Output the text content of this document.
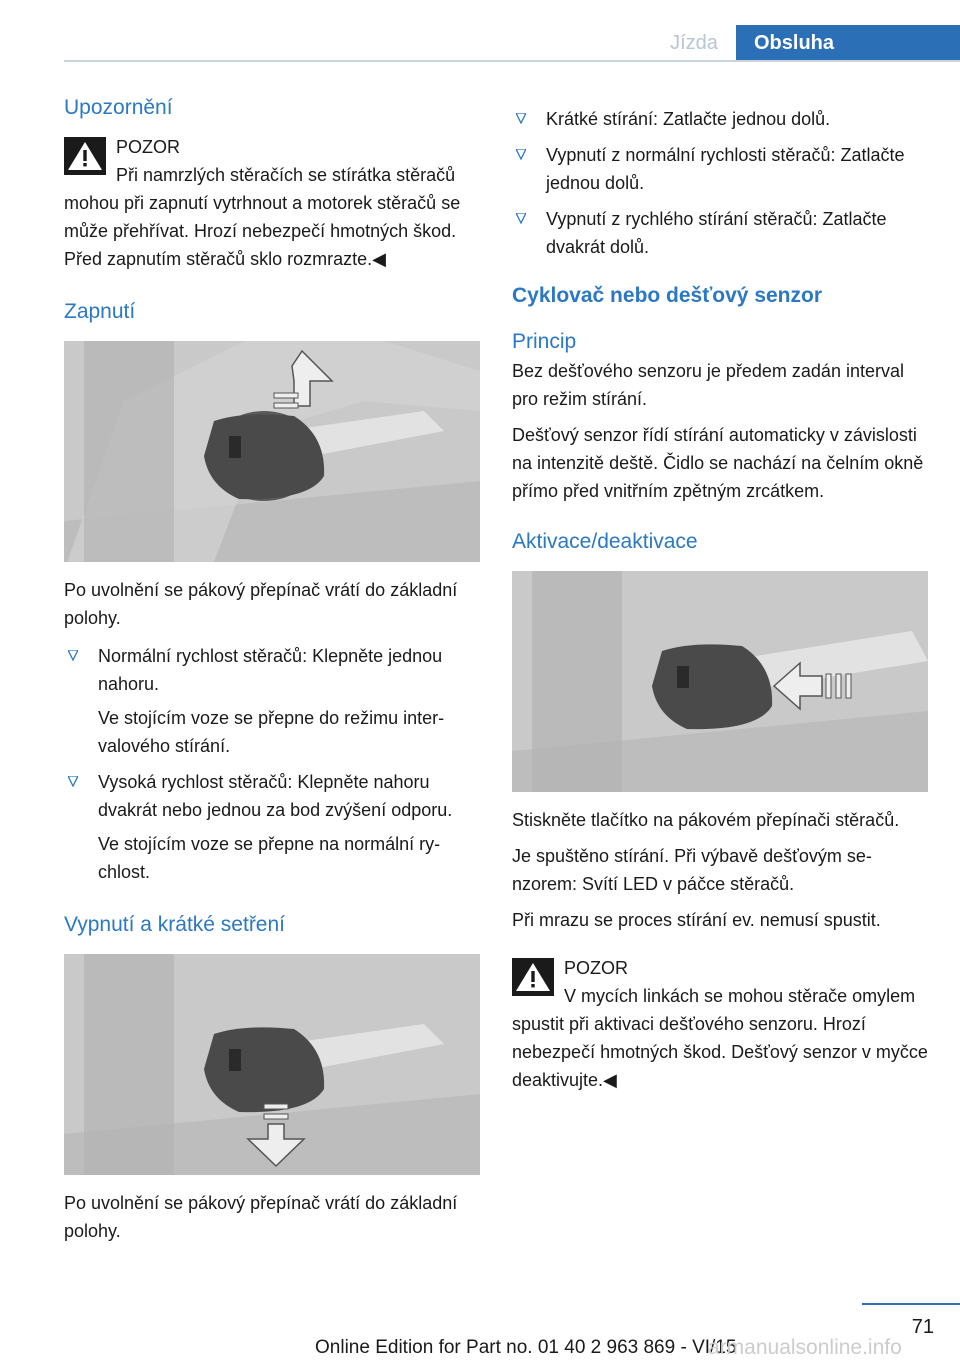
Jízda	Obsluha
Upozornění

POZOR

Při namrzlých stěračích se stírátka stěračů mohou při zapnutí vytrhnout a motorek stěračů se může přehřívat. Hrozí nebezpečí hmotných škod. Před zapnutím stěračů sklo rozmrazte.◀

Zapnutí

Po uvolnění se pákový přepínač vrátí do základní polohy.

Normální rychlost stěračů: Klepněte jednou nahoru.
Ve stojícím voze se přepne do režimu intervalového stírání.
Vysoká rychlost stěračů: Klepněte nahoru dvakrát nebo jednou za bod zvýšení odporu.
Ve stojícím voze se přepne na normální rychlost.
Vypnutí a krátké setření

Po uvolnění se pákový přepínač vrátí do základní polohy.

Krátké stírání: Zatlačte jednou dolů.
Vypnutí z normální rychlosti stěračů: Zatlačte jednou dolů.
Vypnutí z rychlého stírání stěračů: Zatlačte dvakrát dolů.
Cyklovač nebo dešťový senzor
Princip

Bez dešťového senzoru je předem zadán interval pro režim stírání.

Dešťový senzor řídí stírání automaticky v závislosti na intenzitě deště. Čidlo se nachází na čelním okně přímo před vnitřním zpětným zrcátkem.

Aktivace/deaktivace

Stiskněte tlačítko na pákovém přepínači stěračů.

Je spuštěno stírání. Při výbavě dešťovým senzorem: Svítí LED v páčce stěračů.

Při mrazu se proces stírání ev. nemusí spustit.

POZOR

V mycích linkách se mohou stěrače omylem spustit při aktivaci dešťového senzoru. Hrozí nebezpečí hmotných škod. Dešťový senzor v myčce deaktivujte.◀

71
Online Edition for Part no. 01 40 2 963 869 - VI/15
armanualsonline.info
